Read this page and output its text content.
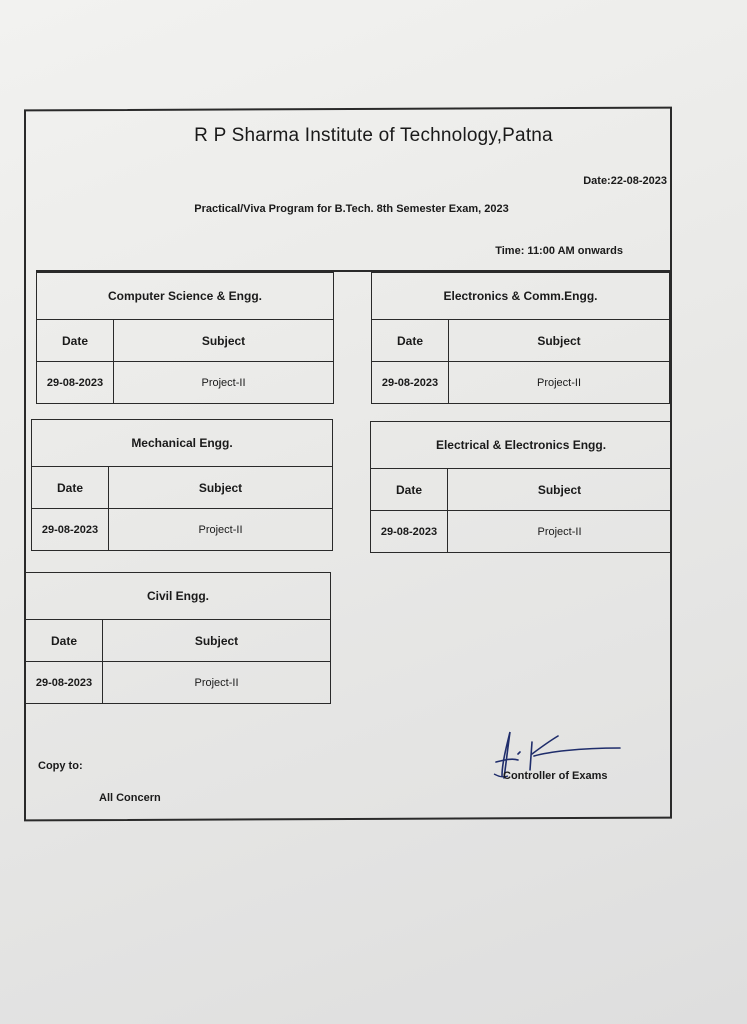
R P Sharma Institute of Technology,Patna
Date:22-08-2023
Practical/Viva Program for B.Tech. 8th Semester Exam, 2023
Time: 11:00 AM onwards
Computer Science & Engg.
Date	Subject
29-08-2023	Project-II
Electronics & Comm.Engg.
Date	Subject
29-08-2023	Project-II
Mechanical Engg.
Date	Subject
29-08-2023	Project-II
Electrical & Electronics Engg.
Date	Subject
29-08-2023	Project-II
Civil Engg.
Date	Subject
29-08-2023	Project-II
Copy to:
All Concern
Controller of Exams
